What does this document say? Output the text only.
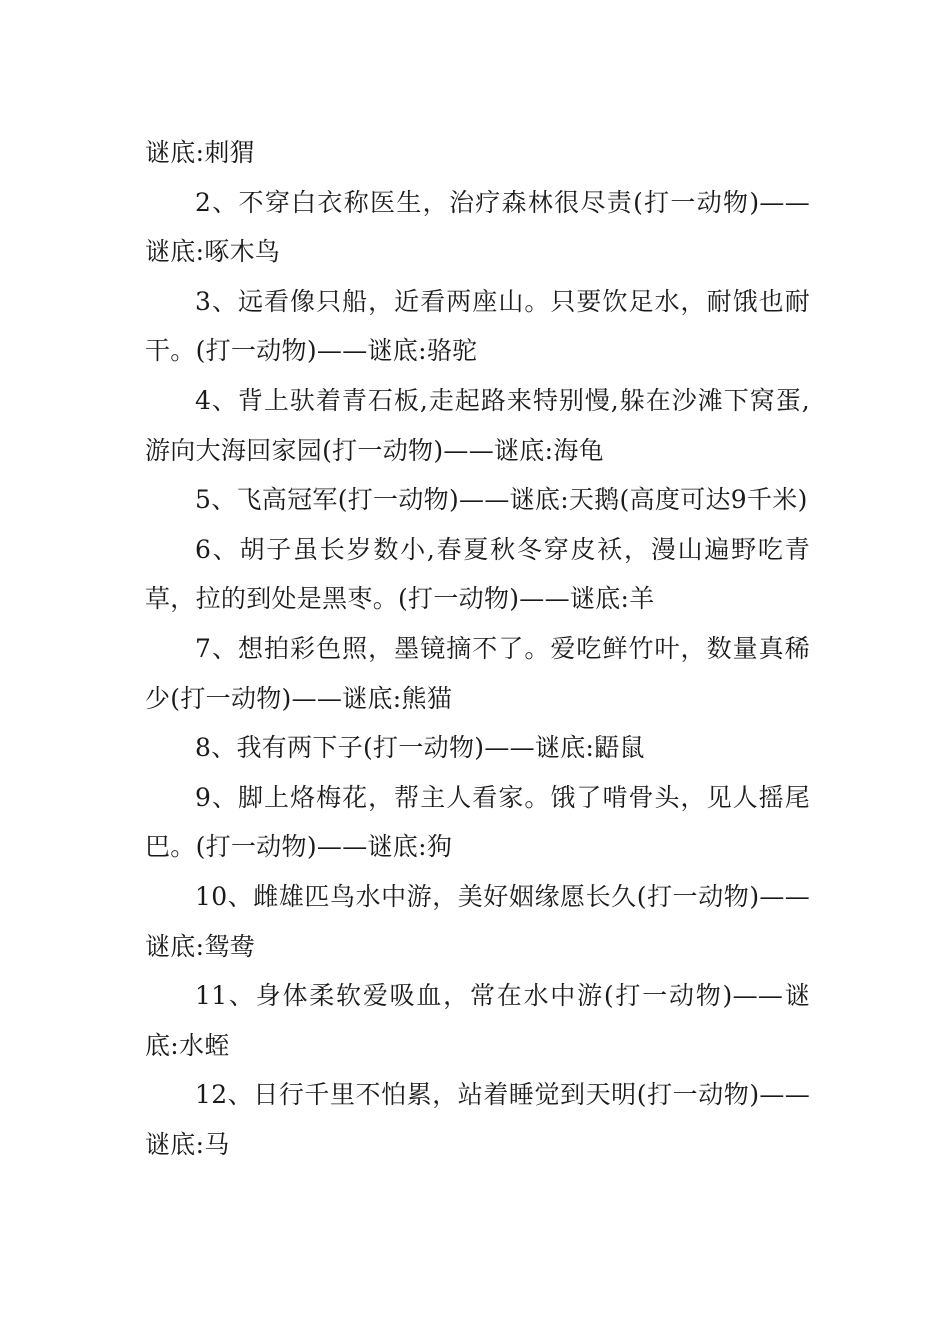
谜底:刺猬

2、不穿白衣称医生，治疗森林很尽责(打一动物)——谜底:啄木鸟

3、远看像只船，近看两座山。只要饮足水，耐饿也耐干。(打一动物)——谜底:骆驼

4、背上驮着青石板,走起路来特别慢,躲在沙滩下窝蛋,游向大海回家园(打一动物)——谜底:海龟

5、飞高冠军(打一动物)——谜底:天鹅(高度可达9千米)

6、胡子虽长岁数小,春夏秋冬穿皮袄，漫山遍野吃青草，拉的到处是黑枣。(打一动物)——谜底:羊

7、想拍彩色照，墨镜摘不了。爱吃鲜竹叶，数量真稀少(打一动物)——谜底:熊猫

8、我有两下子(打一动物)——谜底:鼯鼠

9、脚上烙梅花，帮主人看家。饿了啃骨头，见人摇尾巴。(打一动物)——谜底:狗

10、雌雄匹鸟水中游，美好姻缘愿长久(打一动物)——谜底:鸳鸯

11、身体柔软爱吸血，常在水中游(打一动物)——谜底:水蛭

12、日行千里不怕累，站着睡觉到天明(打一动物)——谜底:马
